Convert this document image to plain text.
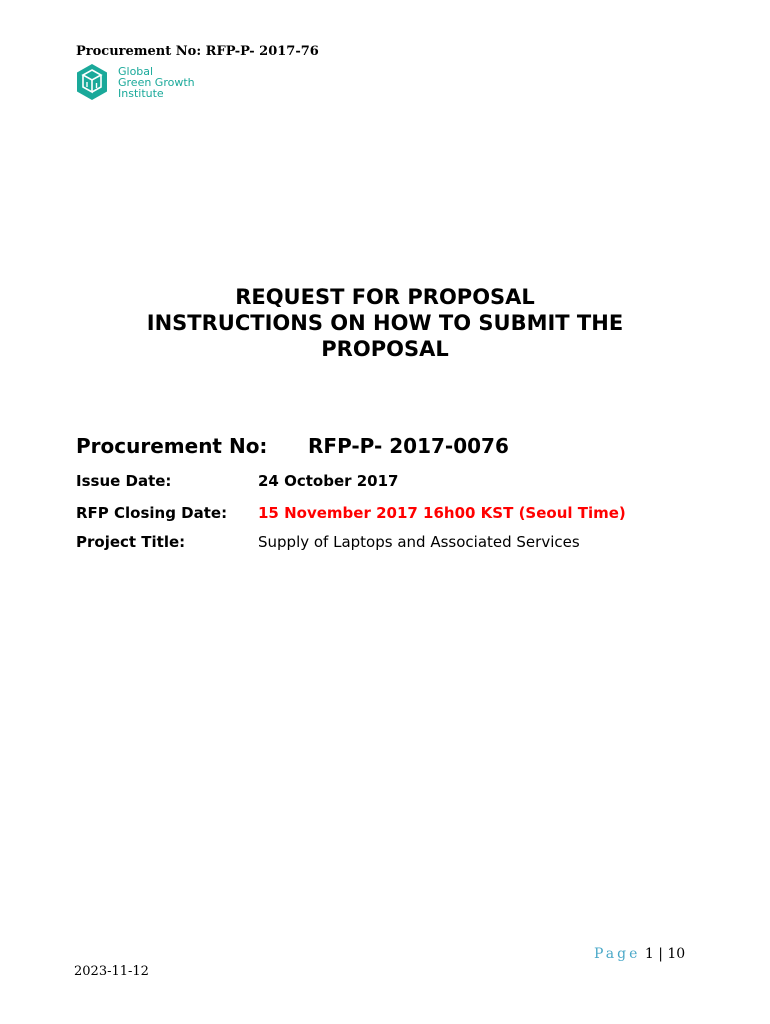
Procurement No: RFP-P- 2017-76
Global
Green Growth
Institute
REQUEST FOR PROPOSAL
INSTRUCTIONS ON HOW TO SUBMIT THE
PROPOSAL
Procurement No: RFP-P- 2017-0076
Issue Date:	24 October 2017
RFP Closing Date: 15 November 2017 16h00 KST (Seoul Time)
Project Title:	Supply of Laptops and Associated Services
Page 1 | 10
2023-11-12
